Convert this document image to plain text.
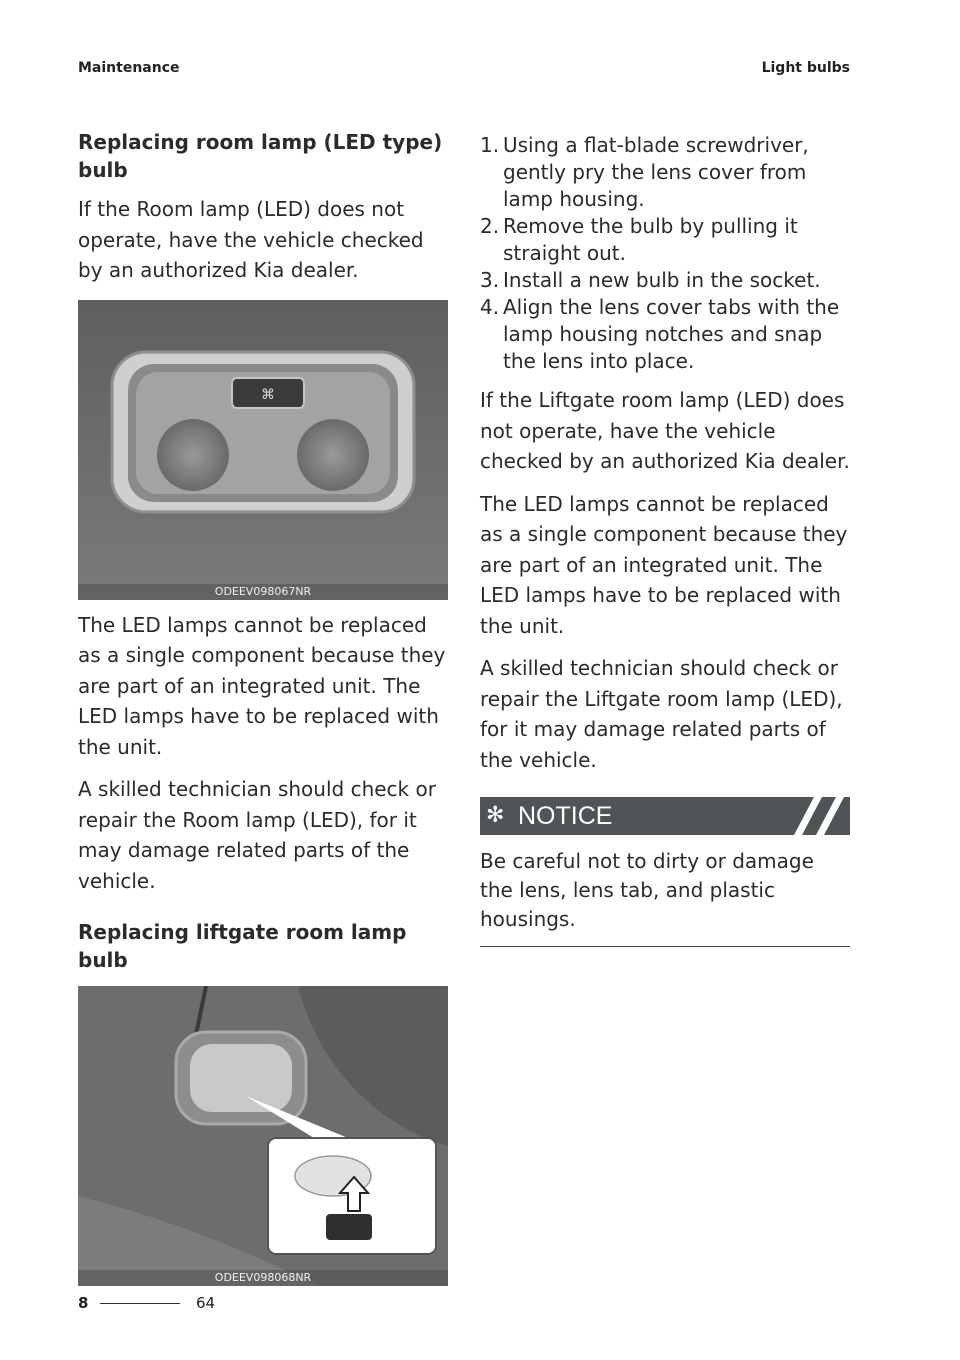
Maintenance	Light bulbs
Replacing room lamp (LED type) bulb

If the Room lamp (LED) does not operate, have the vehicle checked by an authorized Kia dealer.

⌘
ODEEV098067NR

The LED lamps cannot be replaced as a single component because they are part of an integrated unit. The LED lamps have to be replaced with the unit.

A skilled technician should check or repair the Room lamp (LED), for it may damage related parts of the vehicle.

Replacing liftgate room lamp bulb
ODEEV098068NR
1. Using a flat-blade screwdriver, gently pry the lens cover from lamp housing.
2. Remove the bulb by pulling it straight out.
3. Install a new bulb in the socket.
4. Align the lens cover tabs with the lamp housing notches and snap the lens into place.

If the Liftgate room lamp (LED) does not operate, have the vehicle checked by an authorized Kia dealer.

The LED lamps cannot be replaced as a single component because they are part of an integrated unit. The LED lamps have to be replaced with the unit.

A skilled technician should check or repair the Liftgate room lamp (LED), for it may damage related parts of the vehicle.

✻ NOTICE

Be careful not to dirty or damage the lens, lens tab, and plastic housings.

8	64
